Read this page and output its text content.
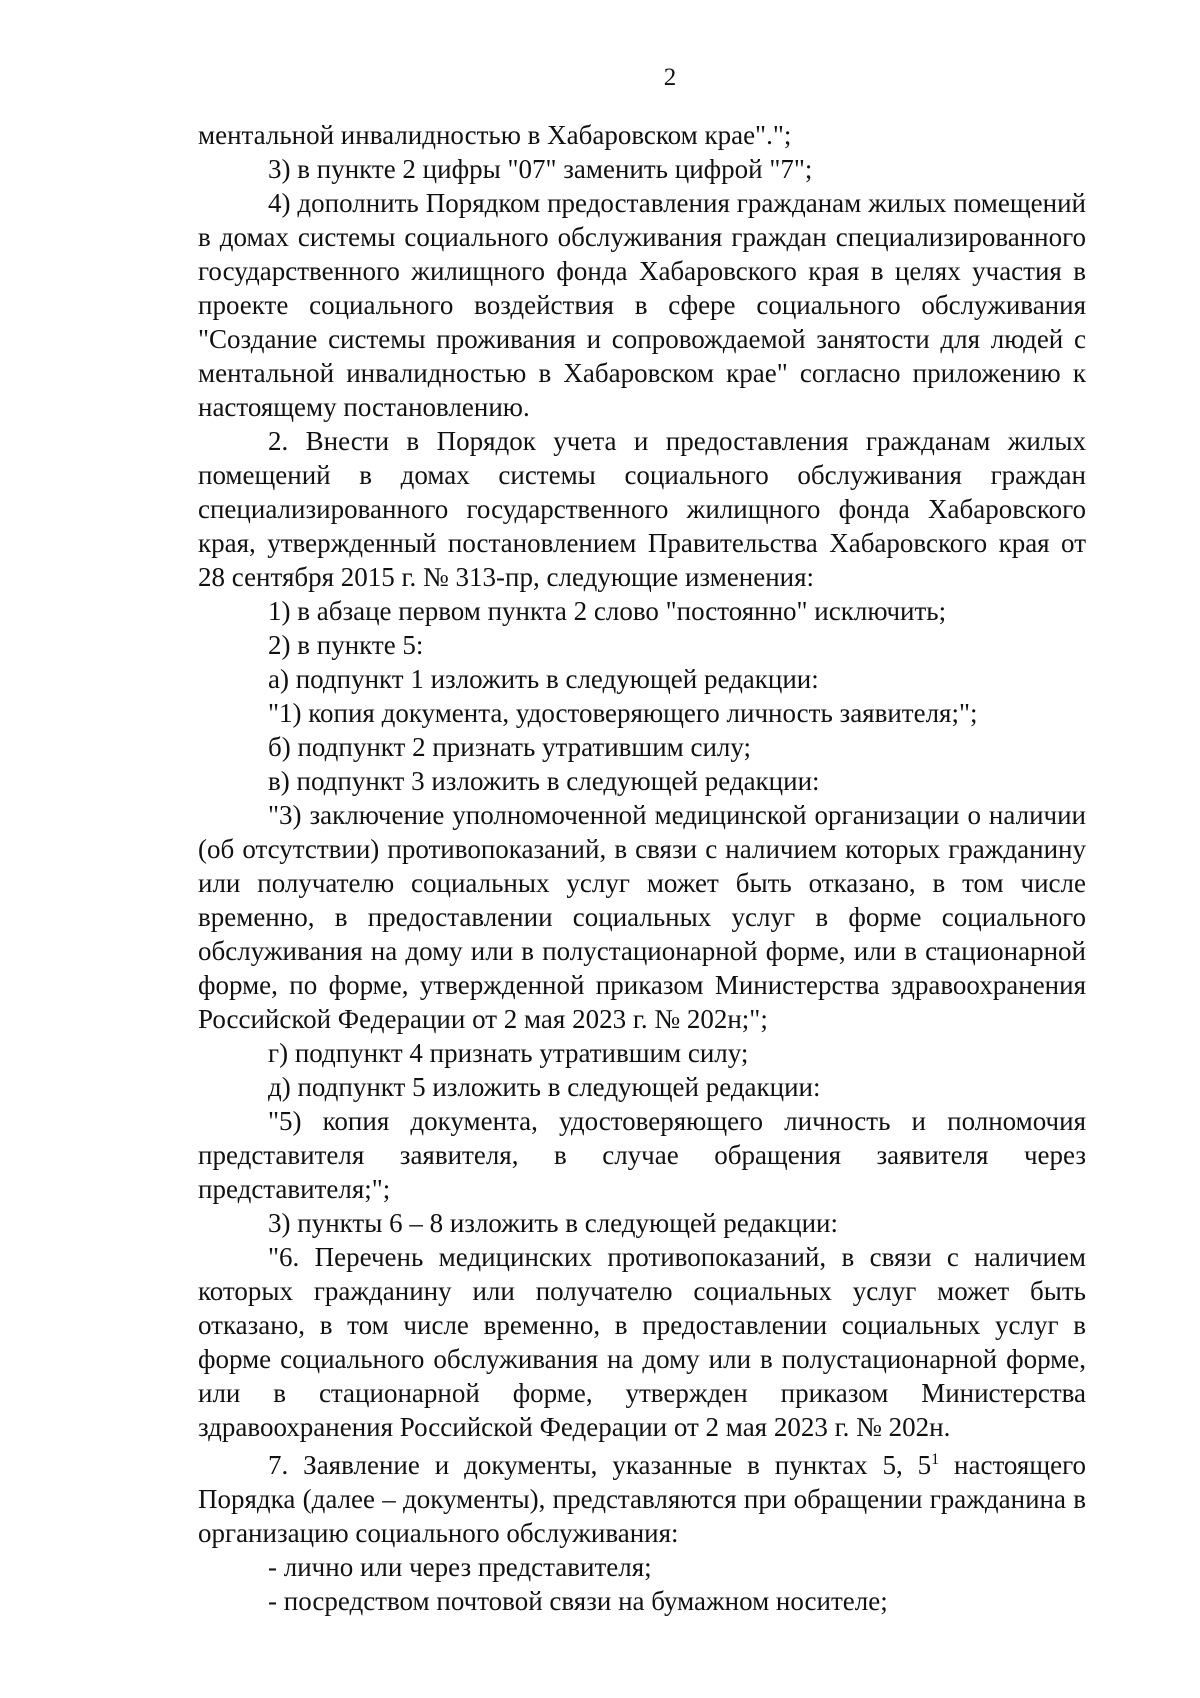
2

ментальной инвалидностью в Хабаровском крае".";

3) в пункте 2 цифры "07" заменить цифрой "7";

4) дополнить Порядком предоставления гражданам жилых помещений в домах системы социального обслуживания граждан специализированного государственного жилищного фонда Хабаровского края в целях участия в проекте социального воздействия в сфере социального обслуживания "Создание системы проживания и сопровождаемой занятости для людей с ментальной инвалидностью в Хабаровском крае" согласно приложению к настоящему постановлению.

2. Внести в Порядок учета и предоставления гражданам жилых помещений в домах системы социального обслуживания граждан специализированного государственного жилищного фонда Хабаровского края, утвержденный постановлением Правительства Хабаровского края от 28 сентября 2015 г. № 313-пр, следующие изменения:

1) в абзаце первом пункта 2 слово "постоянно" исключить;

2) в пункте 5:

а) подпункт 1 изложить в следующей редакции:

"1) копия документа, удостоверяющего личность заявителя;";

б) подпункт 2 признать утратившим силу;

в) подпункт 3 изложить в следующей редакции:

"3) заключение уполномоченной медицинской организации о наличии (об отсутствии) противопоказаний, в связи с наличием которых гражданину или получателю социальных услуг может быть отказано, в том числе временно, в предоставлении социальных услуг в форме социального обслуживания на дому или в полустационарной форме, или в стационарной форме, по форме, утвержденной приказом Министерства здравоохранения Российской Федерации от 2 мая 2023 г. № 202н;";

г) подпункт 4 признать утратившим силу;

д) подпункт 5 изложить в следующей редакции:

"5) копия документа, удостоверяющего личность и полномочия представителя заявителя, в случае обращения заявителя через представителя;";

3) пункты 6 – 8 изложить в следующей редакции:

"6. Перечень медицинских противопоказаний, в связи с наличием которых гражданину или получателю социальных услуг может быть отказано, в том числе временно, в предоставлении социальных услуг в форме социального обслуживания на дому или в полустационарной форме, или в стационарной форме, утвержден приказом Министерства здравоохранения Российской Федерации от 2 мая 2023 г. № 202н.

7. Заявление и документы, указанные в пунктах 5, $5^1$ настоящего Порядка (далее – документы), представляются при обращении гражданина в организацию социального обслуживания:

- лично или через представителя;

- посредством почтовой связи на бумажном носителе;
